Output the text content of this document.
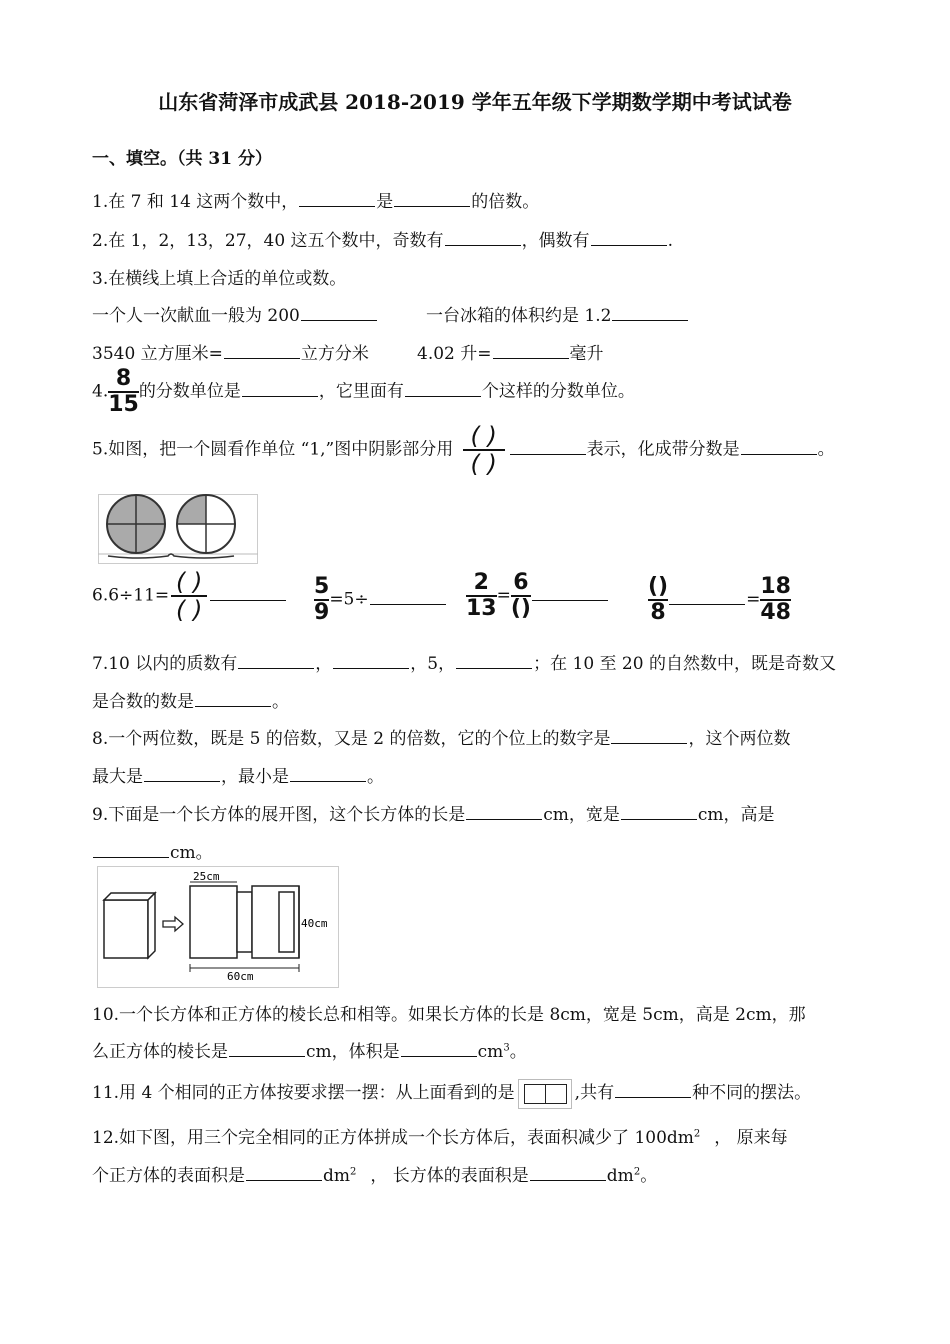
山东省菏泽市成武县 2018-2019 学年五年级下学期数学期中考试试卷
一、填空。（共 31 分）
1.在 7 和 14 这两个数中，	是	的倍数。
2.在 1，2，13，27，40 这五个数中，奇数有	，偶数有	.
3.在横线上填上合适的单位或数。
一个人一次献血一般为 200	一台冰箱的体积约是 1.2
3540 立方厘米=	立方分米	4.02 升=	毫升
4. $\frac{8}{15}$ 的分数单位是	，它里面有	个这样的分数单位。
5.如图，把一个圆看作单位 “1,”图中阴影部分用 $\frac{( )}{( )}$	表示，化成带分数是	。
$6.6\div 11= \frac{( )}{( )}$	$\frac{5}{9} =5\div$	$\frac{2}{13} = \frac{6}{()}$	$\frac{()}{8}$	= $\frac{18}{48}$
7.10 以内的质数有	，	，5，	；在 10 至 20 的自然数中，既是奇数又
是合数的数是	。
8.一个两位数，既是 5 的倍数，又是 2 的倍数，它的个位上的数字是	，这个两位数
最大是	，最小是	。
9.下面是一个长方体的展开图，这个长方体的长是	cm，宽是	cm，高是
cm。
25cm
40cm
60cm
10.一个长方体和正方体的棱长总和相等。如果长方体的长是 8cm，宽是 5cm，高是 2cm，那
么正方体的棱长是	cm，体积是	$cm^3$。
11.用 4 个相同的正方体按要求摆一摆：从上面看到的是	,共有	种不同的摆法。
12.如下图，用三个完全相同的正方体拼成一个长方体后，表面积减少了 $100dm^2$ ， 原来每
个正方体的表面积是	$dm^2$ ， 长方体的表面积是	$dm^2$。
